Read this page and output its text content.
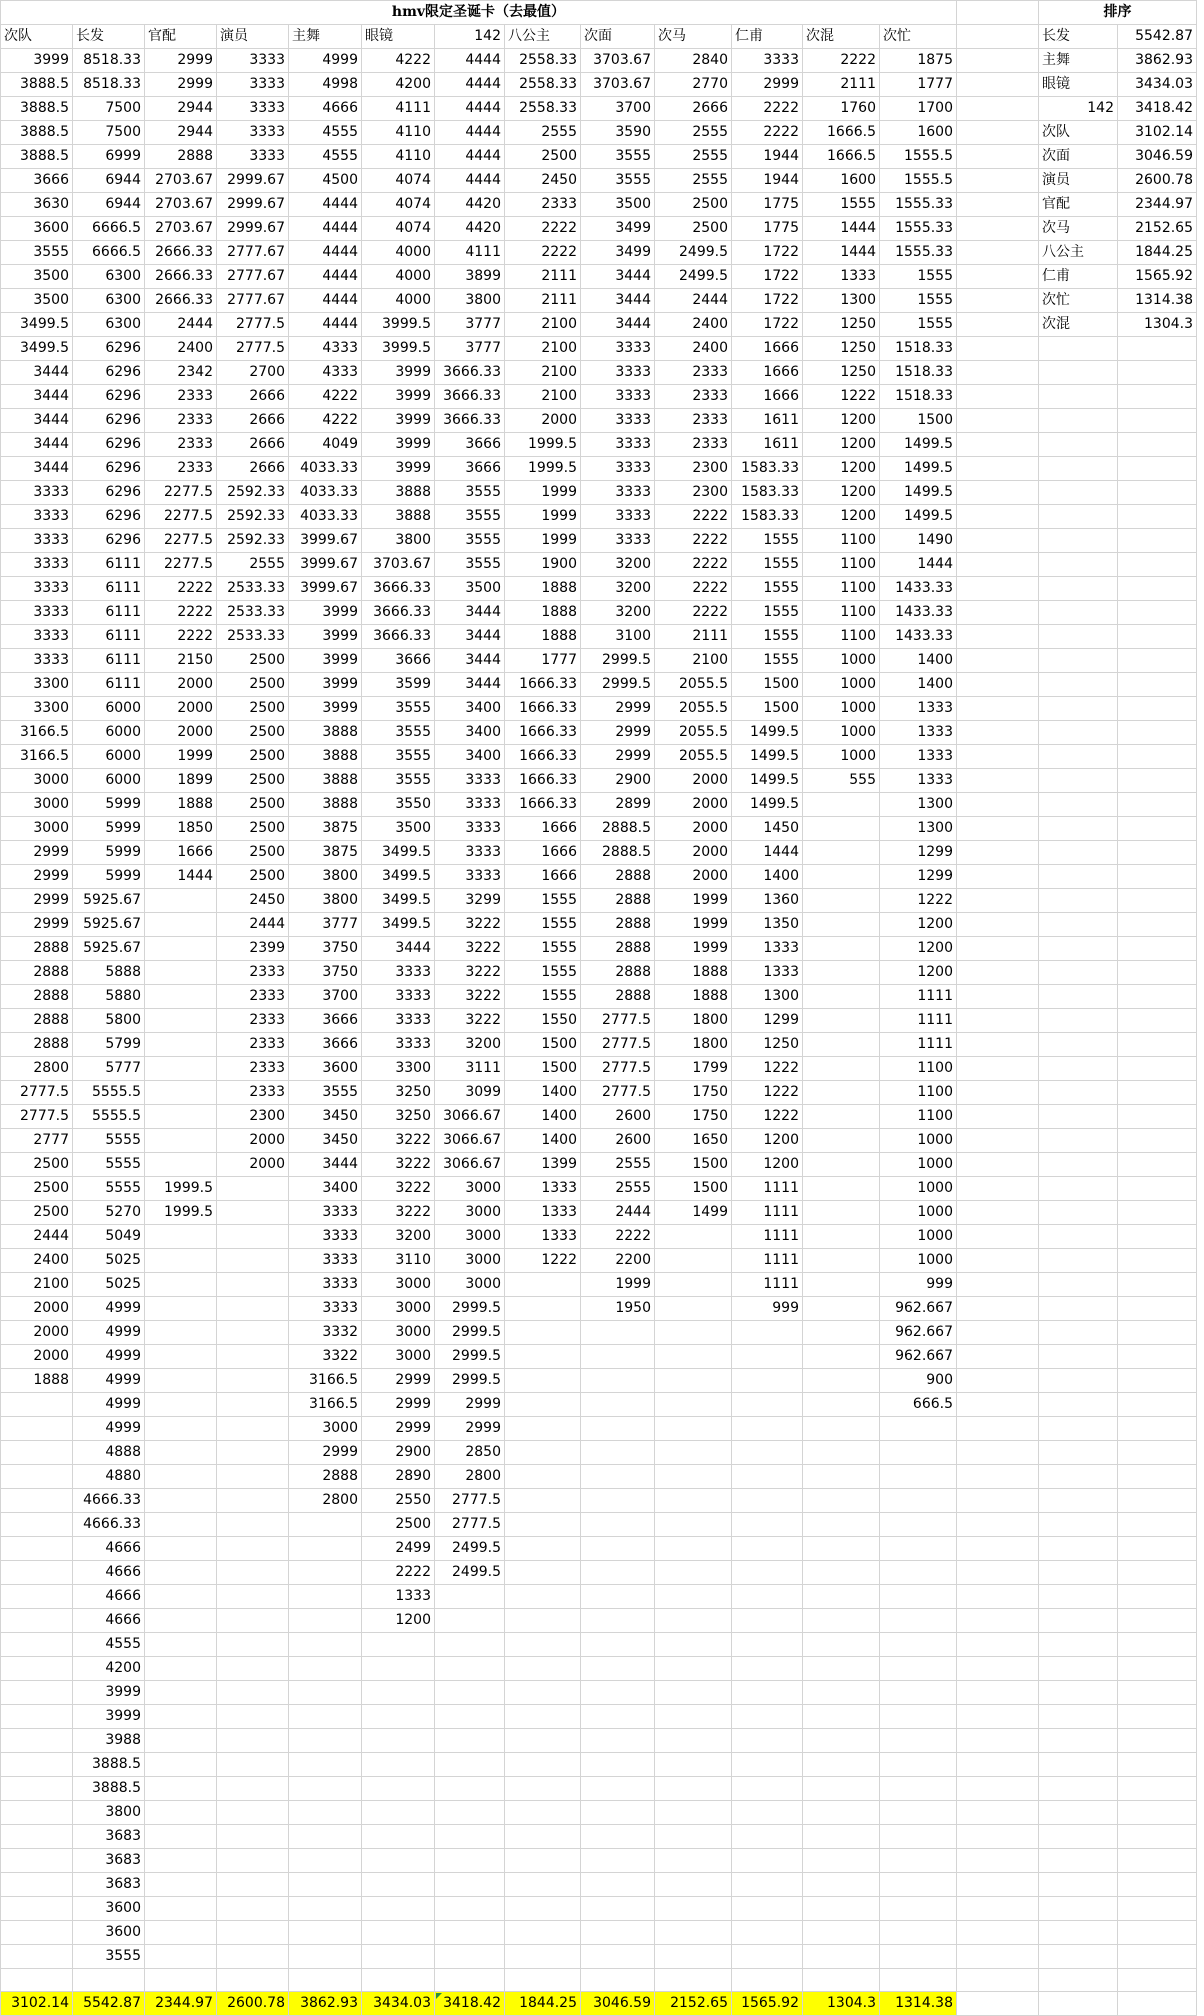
hmv限定圣诞卡（去最值）														排序	
次队	长发	官配	演员	主舞	眼镜	142	八公主	次面	次马	仁甫	次混	次忙		长发	5542.87
3999	8518.33	2999	3333	4999	4222	4444	2558.33	3703.67	2840	3333	2222	1875		主舞	3862.93
3888.5	8518.33	2999	3333	4998	4200	4444	2558.33	3703.67	2770	2999	2111	1777		眼镜	3434.03
3888.5	7500	2944	3333	4666	4111	4444	2558.33	3700	2666	2222	1760	1700		142	3418.42
3888.5	7500	2944	3333	4555	4110	4444	2555	3590	2555	2222	1666.5	1600		次队	3102.14
3888.5	6999	2888	3333	4555	4110	4444	2500	3555	2555	1944	1666.5	1555.5		次面	3046.59
3666	6944	2703.67	2999.67	4500	4074	4444	2450	3555	2555	1944	1600	1555.5		演员	2600.78
3630	6944	2703.67	2999.67	4444	4074	4420	2333	3500	2500	1775	1555	1555.33		官配	2344.97
3600	6666.5	2703.67	2999.67	4444	4074	4420	2222	3499	2500	1775	1444	1555.33		次马	2152.65
3555	6666.5	2666.33	2777.67	4444	4000	4111	2222	3499	2499.5	1722	1444	1555.33		八公主	1844.25
3500	6300	2666.33	2777.67	4444	4000	3899	2111	3444	2499.5	1722	1333	1555		仁甫	1565.92
3500	6300	2666.33	2777.67	4444	4000	3800	2111	3444	2444	1722	1300	1555		次忙	1314.38
3499.5	6300	2444	2777.5	4444	3999.5	3777	2100	3444	2400	1722	1250	1555		次混	1304.3
3499.5	6296	2400	2777.5	4333	3999.5	3777	2100	3333	2400	1666	1250	1518.33			
3444	6296	2342	2700	4333	3999	3666.33	2100	3333	2333	1666	1250	1518.33			
3444	6296	2333	2666	4222	3999	3666.33	2100	3333	2333	1666	1222	1518.33			
3444	6296	2333	2666	4222	3999	3666.33	2000	3333	2333	1611	1200	1500			
3444	6296	2333	2666	4049	3999	3666	1999.5	3333	2333	1611	1200	1499.5			
3444	6296	2333	2666	4033.33	3999	3666	1999.5	3333	2300	1583.33	1200	1499.5			
3333	6296	2277.5	2592.33	4033.33	3888	3555	1999	3333	2300	1583.33	1200	1499.5			
3333	6296	2277.5	2592.33	4033.33	3888	3555	1999	3333	2222	1583.33	1200	1499.5			
3333	6296	2277.5	2592.33	3999.67	3800	3555	1999	3333	2222	1555	1100	1490			
3333	6111	2277.5	2555	3999.67	3703.67	3555	1900	3200	2222	1555	1100	1444			
3333	6111	2222	2533.33	3999.67	3666.33	3500	1888	3200	2222	1555	1100	1433.33			
3333	6111	2222	2533.33	3999	3666.33	3444	1888	3200	2222	1555	1100	1433.33			
3333	6111	2222	2533.33	3999	3666.33	3444	1888	3100	2111	1555	1100	1433.33			
3333	6111	2150	2500	3999	3666	3444	1777	2999.5	2100	1555	1000	1400			
3300	6111	2000	2500	3999	3599	3444	1666.33	2999.5	2055.5	1500	1000	1400			
3300	6000	2000	2500	3999	3555	3400	1666.33	2999	2055.5	1500	1000	1333			
3166.5	6000	2000	2500	3888	3555	3400	1666.33	2999	2055.5	1499.5	1000	1333			
3166.5	6000	1999	2500	3888	3555	3400	1666.33	2999	2055.5	1499.5	1000	1333			
3000	6000	1899	2500	3888	3555	3333	1666.33	2900	2000	1499.5	555	1333			
3000	5999	1888	2500	3888	3550	3333	1666.33	2899	2000	1499.5		1300			
3000	5999	1850	2500	3875	3500	3333	1666	2888.5	2000	1450		1300			
2999	5999	1666	2500	3875	3499.5	3333	1666	2888.5	2000	1444		1299			
2999	5999	1444	2500	3800	3499.5	3333	1666	2888	2000	1400		1299			
2999	5925.67		2450	3800	3499.5	3299	1555	2888	1999	1360		1222			
2999	5925.67		2444	3777	3499.5	3222	1555	2888	1999	1350		1200			
2888	5925.67		2399	3750	3444	3222	1555	2888	1999	1333		1200			
2888	5888		2333	3750	3333	3222	1555	2888	1888	1333		1200			
2888	5880		2333	3700	3333	3222	1555	2888	1888	1300		1111			
2888	5800		2333	3666	3333	3222	1550	2777.5	1800	1299		1111			
2888	5799		2333	3666	3333	3200	1500	2777.5	1800	1250		1111			
2800	5777		2333	3600	3300	3111	1500	2777.5	1799	1222		1100			
2777.5	5555.5		2333	3555	3250	3099	1400	2777.5	1750	1222		1100			
2777.5	5555.5		2300	3450	3250	3066.67	1400	2600	1750	1222		1100			
2777	5555		2000	3450	3222	3066.67	1400	2600	1650	1200		1000			
2500	5555		2000	3444	3222	3066.67	1399	2555	1500	1200		1000			
2500	5555	1999.5		3400	3222	3000	1333	2555	1500	1111		1000			
2500	5270	1999.5		3333	3222	3000	1333	2444	1499	1111		1000			
2444	5049			3333	3200	3000	1333	2222		1111		1000			
2400	5025			3333	3110	3000	1222	2200		1111		1000			
2100	5025			3333	3000	3000		1999		1111		999			
2000	4999			3333	3000	2999.5		1950		999		962.667			
2000	4999			3332	3000	2999.5						962.667			
2000	4999			3322	3000	2999.5						962.667			
1888	4999			3166.5	2999	2999.5						900			
	4999			3166.5	2999	2999						666.5			
	4999			3000	2999	2999									
	4888			2999	2900	2850									
	4880			2888	2890	2800									
	4666.33			2800	2550	2777.5									
	4666.33				2500	2777.5									
	4666				2499	2499.5									
	4666				2222	2499.5									
	4666				1333										
	4666				1200										
	4555														
	4200														
	3999														
	3999														
	3988														
	3888.5														
	3888.5														
	3800														
	3683														
	3683														
	3683														
	3600														
	3600														
	3555														

3102.14	5542.87	2344.97	2600.78	3862.93	3434.03	3418.42	1844.25	3046.59	2152.65	1565.92	1304.3	1314.38			
